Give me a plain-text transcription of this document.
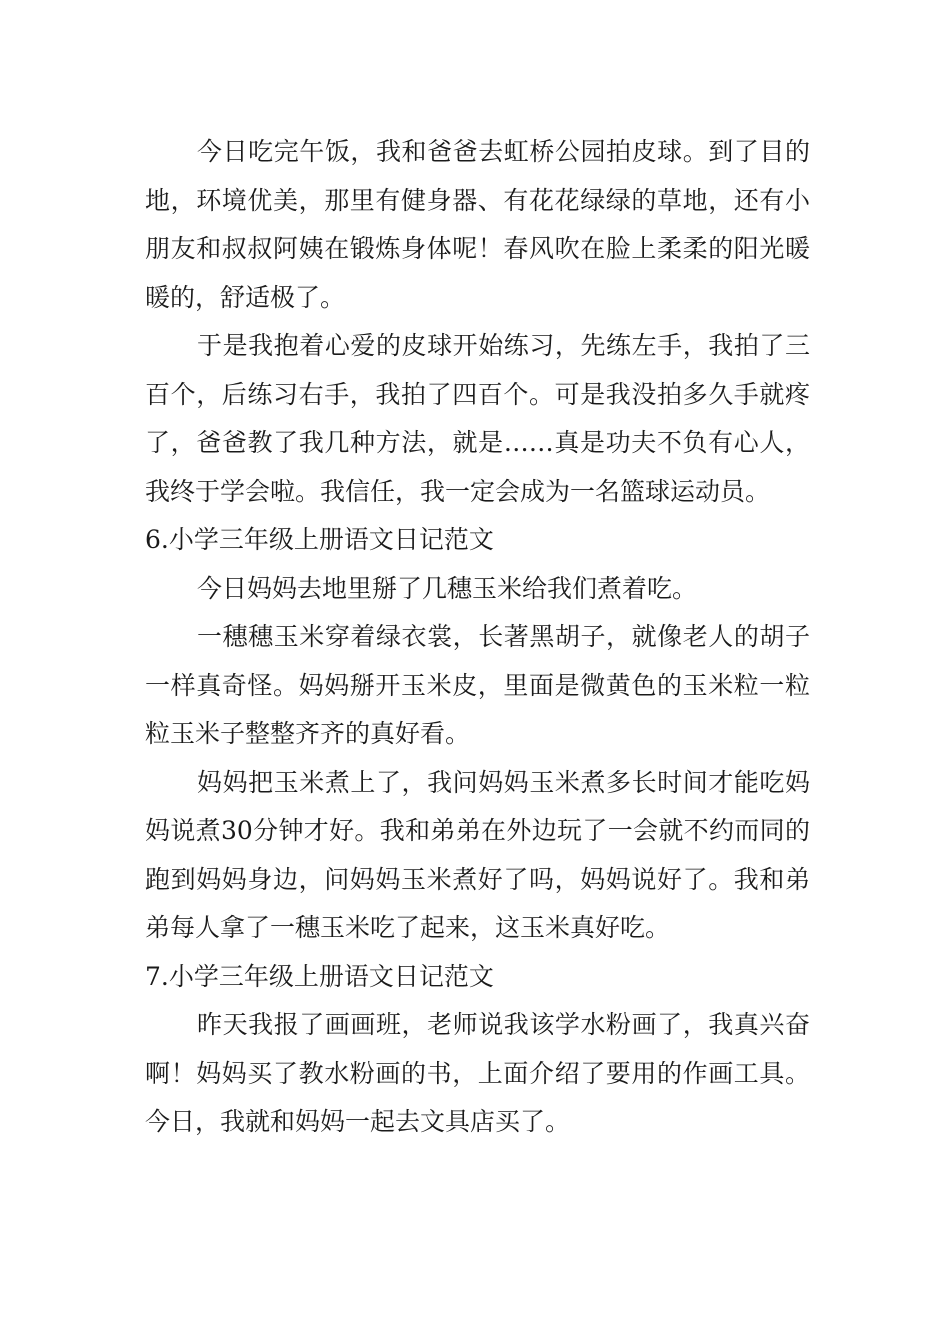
今日吃完午饭，我和爸爸去虹桥公园拍皮球。到了目的地，环境优美，那里有健身器、有花花绿绿的草地，还有小朋友和叔叔阿姨在锻炼身体呢！春风吹在脸上柔柔的阳光暖暖的，舒适极了。

于是我抱着心爱的皮球开始练习，先练左手，我拍了三百个，后练习右手，我拍了四百个。可是我没拍多久手就疼了，爸爸教了我几种方法，就是……真是功夫不负有心人，我终于学会啦。我信任，我一定会成为一名篮球运动员。

6.小学三年级上册语文日记范文

今日妈妈去地里掰了几穗玉米给我们煮着吃。

一穗穗玉米穿着绿衣裳，长著黑胡子，就像老人的胡子一样真奇怪。妈妈掰开玉米皮，里面是微黄色的玉米粒一粒粒玉米子整整齐齐的真好看。

妈妈把玉米煮上了，我问妈妈玉米煮多长时间才能吃妈妈说煮30分钟才好。我和弟弟在外边玩了一会就不约而同的跑到妈妈身边，问妈妈玉米煮好了吗，妈妈说好了。我和弟弟每人拿了一穗玉米吃了起来，这玉米真好吃。

7.小学三年级上册语文日记范文

昨天我报了画画班，老师说我该学水粉画了，我真兴奋啊！妈妈买了教水粉画的书，上面介绍了要用的作画工具。今日，我就和妈妈一起去文具店买了。
